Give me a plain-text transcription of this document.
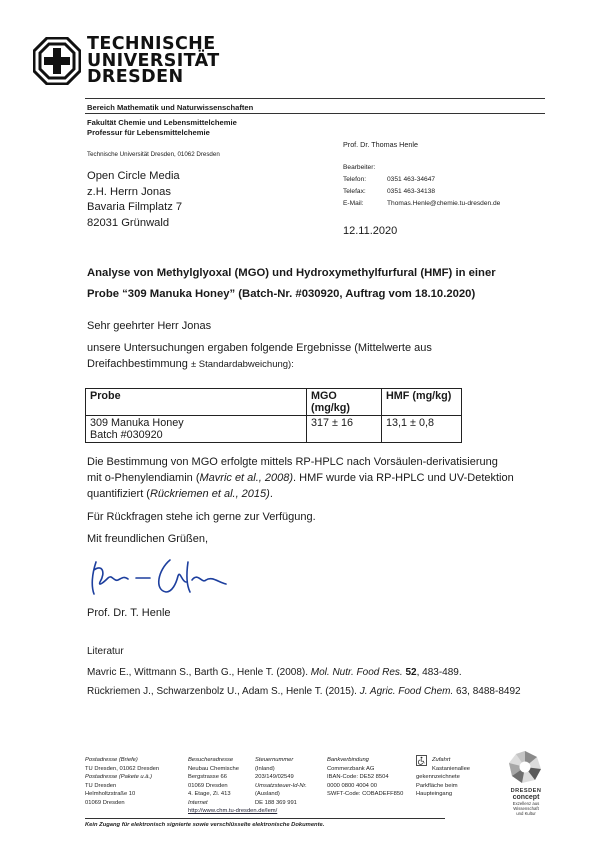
TECHNISCHE
UNIVERSITÄT
DRESDEN
Bereich Mathematik und Naturwissenschaften
Fakultät Chemie und Lebensmittelchemie
Professur für Lebensmittelchemie
Technische Universität Dresden, 01062 Dresden
Open Circle Media
z.H. Herrn Jonas
Bavaria Filmplatz 7
82031 Grünwald
Prof. Dr. Thomas Henle
Bearbeiter:
Telefon:	0351 463-34647
Telefax:	0351 463-34138
E-Mail:	Thomas.Henle@chemie.tu-dresden.de
12.11.2020
Analyse von Methylglyoxal (MGO) und Hydroxymethylfurfural (HMF) in einer
Probe “309 Manuka Honey” (Batch-Nr. #030920, Auftrag vom 18.10.2020)
Sehr geehrter Herr Jonas
unsere Untersuchungen ergaben folgende Ergebnisse (Mittelwerte aus
Dreifachbestimmung ± Standardabweichung):
Probe	MGO (mg/kg)	HMF (mg/kg)

309 Manuka Honey
Batch #030920	317 ± 16	13,1 ± 0,8
Die Bestimmung von MGO erfolgte mittels RP-HPLC nach Vorsäulen-derivatisierung
mit o-Phenylendiamin (Mavric et al., 2008). HMF wurde via RP-HPLC und UV-Detektion
quantifiziert (Rückriemen et al., 2015).
Für Rückfragen stehe ich gerne zur Verfügung.
Mit freundlichen Grüßen,
Prof. Dr. T. Henle
Literatur
Mavric E., Wittmann S., Barth G., Henle T. (2008). Mol. Nutr. Food Res. 52, 483-489.
Rückriemen J., Schwarzenbolz U., Adam S., Henle T. (2015). J. Agric. Food Chem. 63, 8488-8492
Postadresse (Briefe)
TU Dresden, 01062 Dresden
Postadresse (Pakete u.ä.)
TU Dresden
Helmholtzstraße 10
01069 Dresden
Besucheradresse
Neubau Chemische
Bergstrasse 66
01069 Dresden
4. Etage, Zi. 413
Internet
http://www.chm.tu-dresden.de/lem/
Steuernummer
(Inland)
203/149/02549
Umsatzsteuer-Id-Nr.
(Ausland)
DE 188 369 991
Bankverbindung
Commerzbank AG
IBAN-Code: DE52 8504
0000 0800 4004 00
SWFT-Code: COBADEFF850
Zufahrt
Kastanienallee
gekennzeichnete
Parkfläche beim
Haupteingang	DRESDEN
concept
Exzellenz aus
Wissenschaft
und Kultur
Kein Zugang für elektronisch signierte sowie verschlüsselte elektronische Dokumente.
